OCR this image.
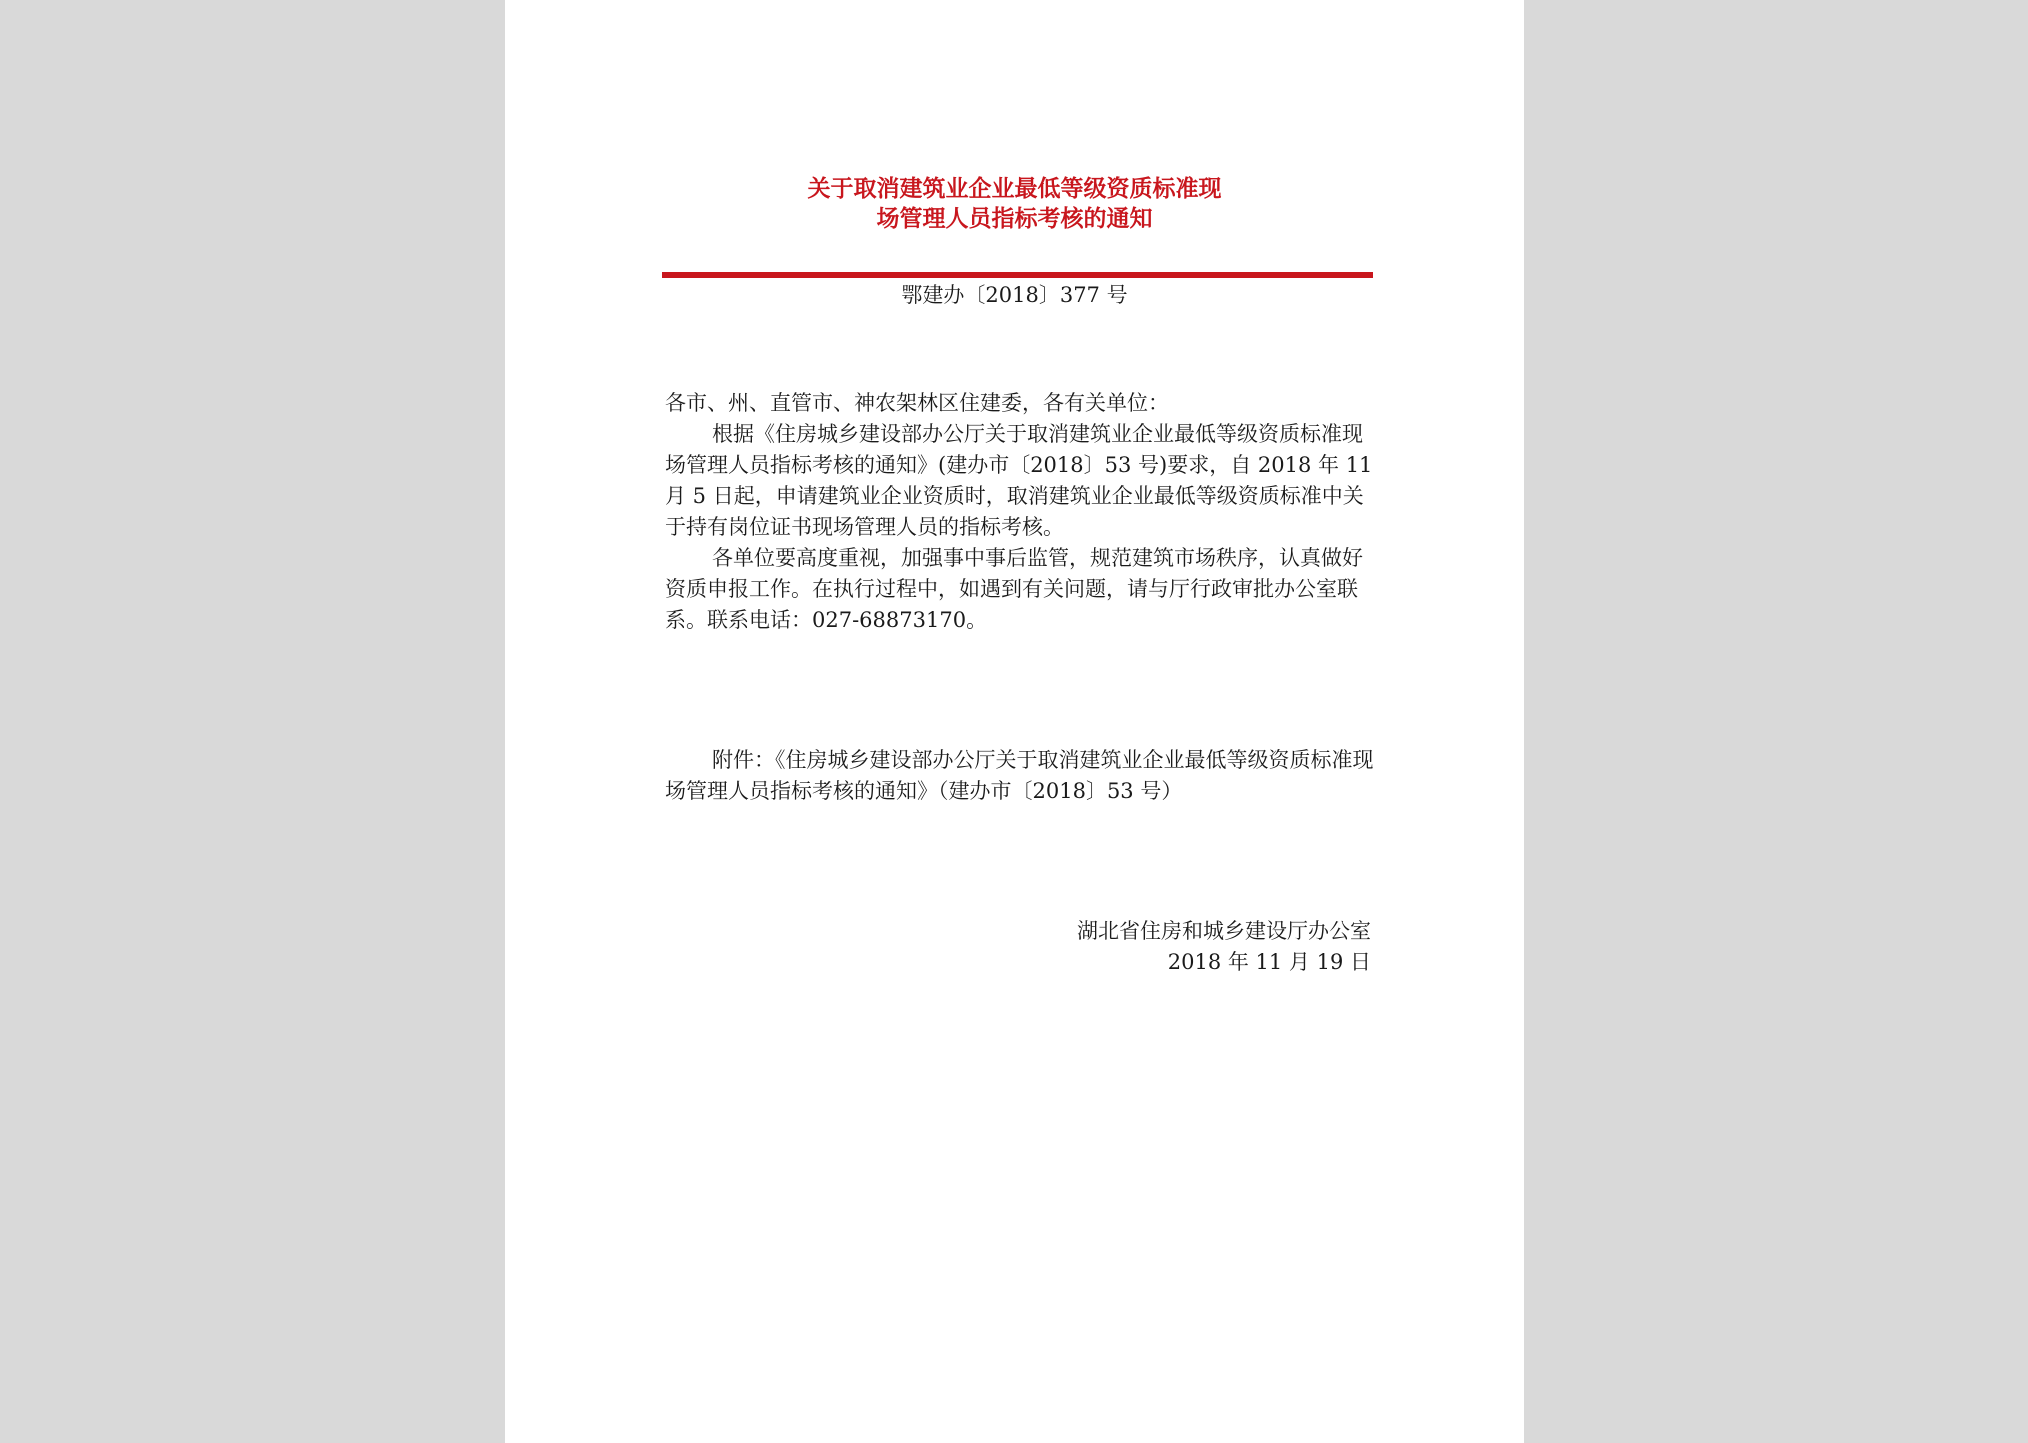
关于取消建筑业企业最低等级资质标准现
场管理人员指标考核的通知
鄂建办〔2018〕377 号

各市、州、直管市、神农架林区住建委，各有关单位：

根据《住房城乡建设部办公厅关于取消建筑业企业最低等级资质标准现场管理人员指标考核的通知》(建办市〔2018〕53 号)要求，自 2018 年 11 月 5 日起，申请建筑业企业资质时，取消建筑业企业最低等级资质标准中关于持有岗位证书现场管理人员的指标考核。

各单位要高度重视，加强事中事后监管，规范建筑市场秩序，认真做好资质申报工作。在执行过程中，如遇到有关问题，请与厅行政审批办公室联系。联系电话：027-68873170。

附件：《住房城乡建设部办公厅关于取消建筑业企业最低等级资质标准现场管理人员指标考核的通知》（建办市〔2018〕53 号）

湖北省住房和城乡建设厅办公室
2018 年 11 月 19 日
